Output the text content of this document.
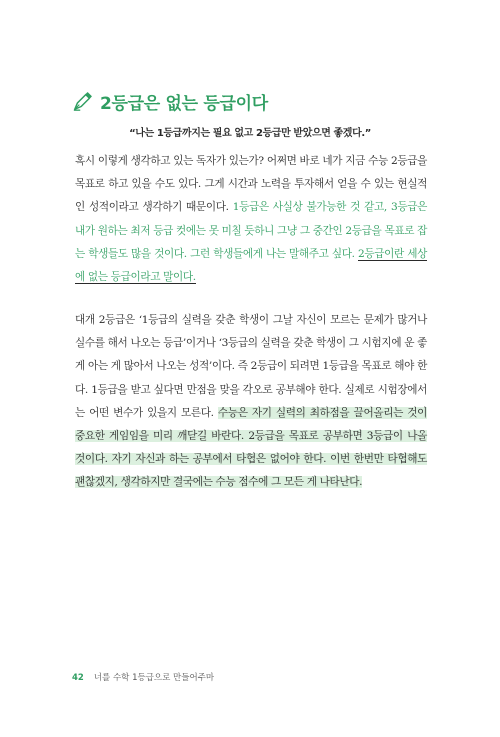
2등급은 없는 등급이다
“나는 1등급까지는 필요 없고 2등급만 받았으면 좋겠다.”
혹시 이렇게 생각하고 있는 독자가 있는가? 어쩌면 바로 네가 지금 수능 2등급을 목표로 하고 있을 수도 있다. 그게 시간과 노력을 투자해서 얻을 수 있는 현실적인 성적이라고 생각하기 때문이다. 1등급은 사실상 불가능한 것 같고, 3등급은 내가 원하는 최저 등급 컷에는 못 미칠 듯하니 그냥 그 중간인 2등급을 목표로 잡는 학생들도 많을 것이다. 그런 학생들에게 나는 말해주고 싶다. 2등급이란 세상에 없는 등급이라고 말이다.
대개 2등급은 ‘1등급의 실력을 갖춘 학생이 그날 자신이 모르는 문제가 많거나 실수를 해서 나오는 등급’이거나 ‘3등급의 실력을 갖춘 학생이 그 시험지에 운 좋게 아는 게 많아서 나오는 성적’이다. 즉 2등급이 되려면 1등급을 목표로 해야 한다. 1등급을 받고 싶다면 만점을 맞을 각오로 공부해야 한다. 실제로 시험장에서는 어떤 변수가 있을지 모른다. 수능은 자기 실력의 최하점을 끌어올리는 것이 중요한 게임임을 미리 깨닫길 바란다. 2등급을 목표로 공부하면 3등급이 나올 것이다. 자기 자신과 하는 공부에서 타협은 없어야 한다. 이번 한번만 타협해도 괜찮겠지, 생각하지만 결국에는 수능 점수에 그 모든 게 나타난다.
42 너를 수학 1등급으로 만들어주마
